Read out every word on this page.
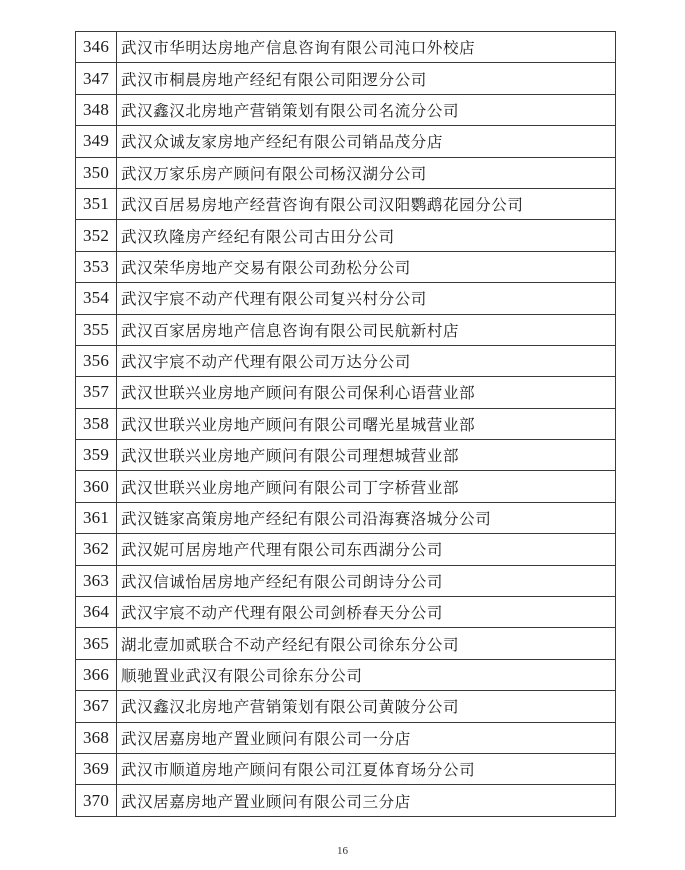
346	武汉市华明达房地产信息咨询有限公司沌口外校店
347	武汉市桐晨房地产经纪有限公司阳逻分公司
348	武汉鑫汉北房地产营销策划有限公司名流分公司
349	武汉众诚友家房地产经纪有限公司销品茂分店
350	武汉万家乐房产顾问有限公司杨汉湖分公司
351	武汉百居易房地产经营咨询有限公司汉阳鹦鹉花园分公司
352	武汉玖隆房产经纪有限公司古田分公司
353	武汉荣华房地产交易有限公司劲松分公司
354	武汉宇宸不动产代理有限公司复兴村分公司
355	武汉百家居房地产信息咨询有限公司民航新村店
356	武汉宇宸不动产代理有限公司万达分公司
357	武汉世联兴业房地产顾问有限公司保利心语营业部
358	武汉世联兴业房地产顾问有限公司曙光星城营业部
359	武汉世联兴业房地产顾问有限公司理想城营业部
360	武汉世联兴业房地产顾问有限公司丁字桥营业部
361	武汉链家高策房地产经纪有限公司沿海赛洛城分公司
362	武汉妮可居房地产代理有限公司东西湖分公司
363	武汉信诚怡居房地产经纪有限公司朗诗分公司
364	武汉宇宸不动产代理有限公司剑桥春天分公司
365	湖北壹加贰联合不动产经纪有限公司徐东分公司
366	顺驰置业武汉有限公司徐东分公司
367	武汉鑫汉北房地产营销策划有限公司黄陂分公司
368	武汉居嘉房地产置业顾问有限公司一分店
369	武汉市顺道房地产顾问有限公司江夏体育场分公司
370	武汉居嘉房地产置业顾问有限公司三分店
16
